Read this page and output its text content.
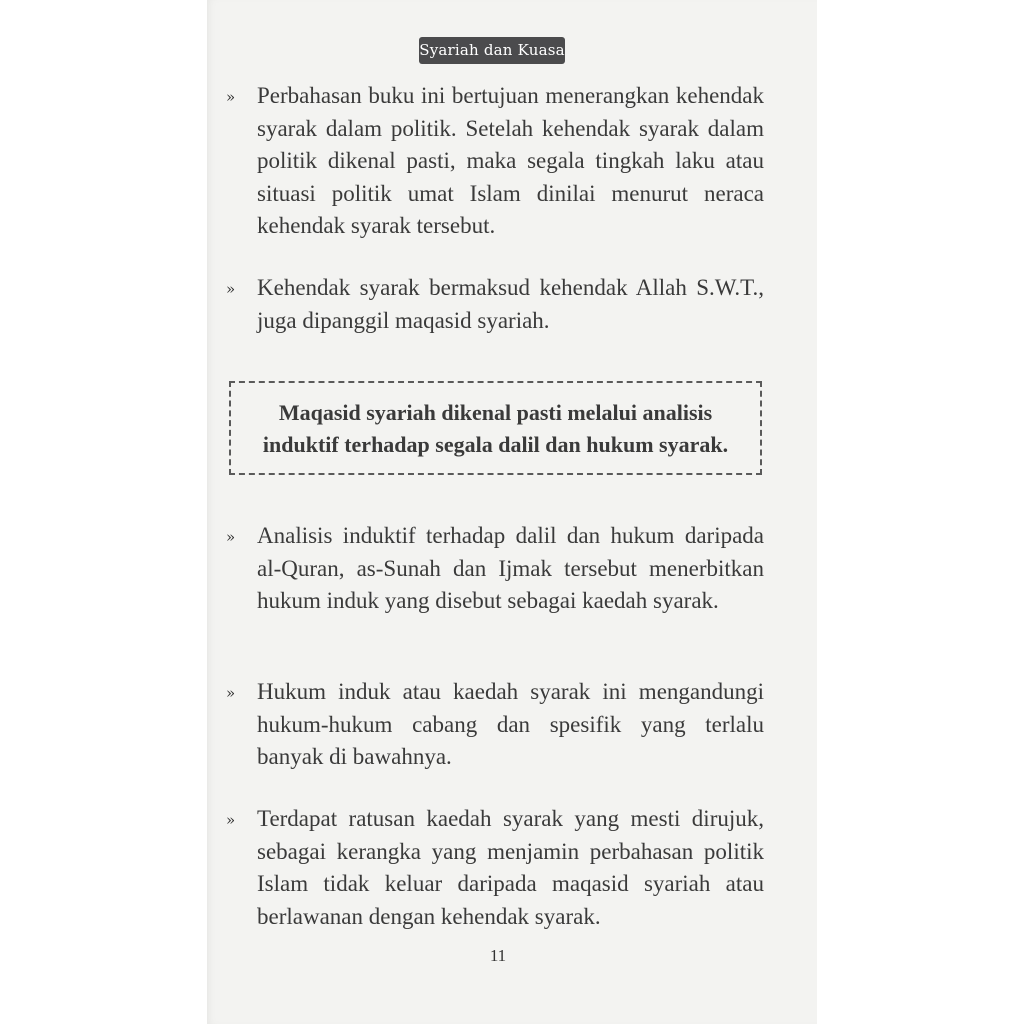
Syariah dan Kuasa
» Perbahasan buku ini bertujuan menerangkan kehendak syarak dalam politik. Setelah kehendak syarak dalam politik dikenal pasti, maka segala tingkah laku atau situasi politik umat Islam dinilai menurut neraca kehendak syarak tersebut.

» Kehendak syarak bermaksud kehendak Allah S.W.T., juga dipanggil maqasid syariah.

Maqasid syariah dikenal pasti melalui analisis
induktif terhadap segala dalil dan hukum syarak.

» Analisis induktif terhadap dalil dan hukum daripada al-Quran, as-Sunah dan Ijmak tersebut menerbitkan hukum induk yang disebut sebagai kaedah syarak.

» Hukum induk atau kaedah syarak ini mengandungi hukum-hukum cabang dan spesifik yang terlalu banyak di bawahnya.

» Terdapat ratusan kaedah syarak yang mesti dirujuk, sebagai kerangka yang menjamin perbahasan politik Islam tidak keluar daripada maqasid syariah atau berlawanan dengan kehendak syarak.

11
